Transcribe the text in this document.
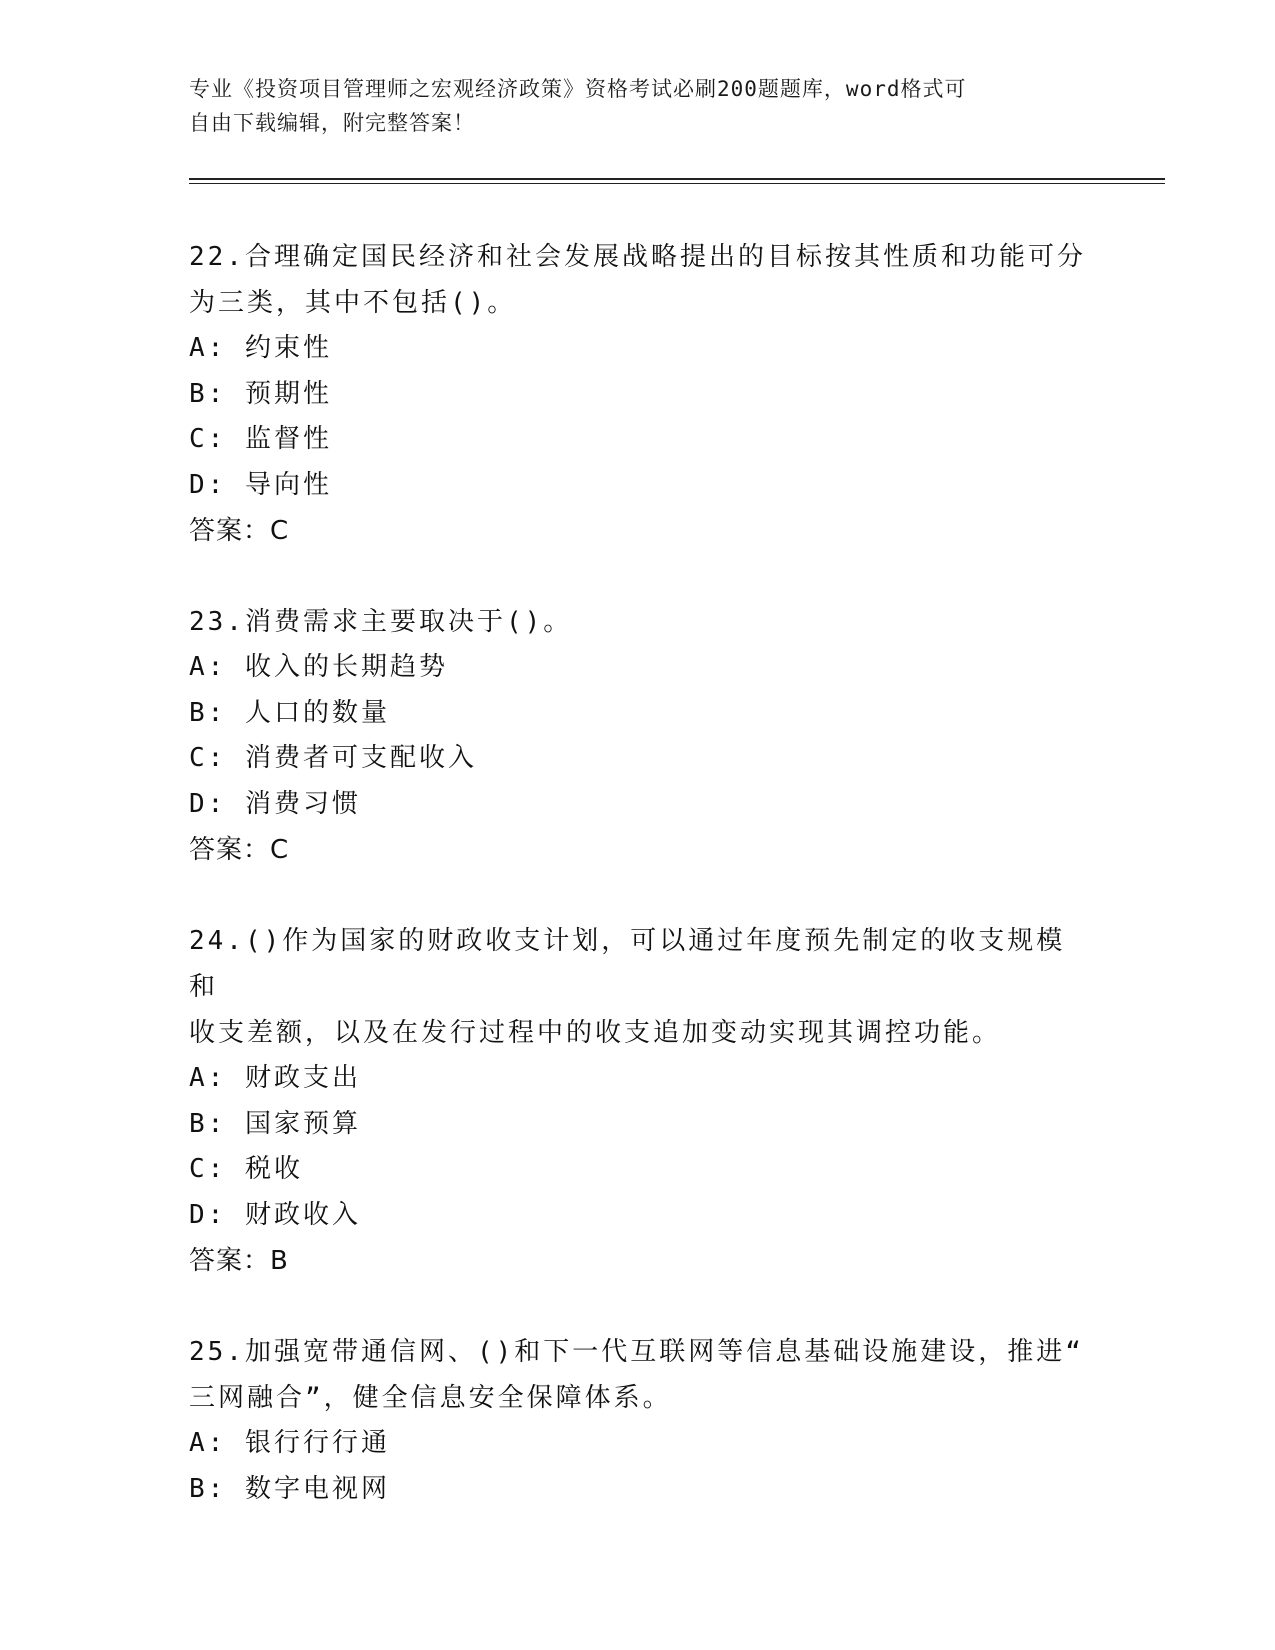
专业《投资项目管理师之宏观经济政策》资格考试必刷200题题库，word格式可
自由下载编辑，附完整答案！
22.合理确定国民经济和社会发展战略提出的目标按其性质和功能可分
为三类，其中不包括()。
A: 约束性
B: 预期性
C: 监督性
D: 导向性
答案：C
23.消费需求主要取决于()。
A: 收入的长期趋势
B: 人口的数量
C: 消费者可支配收入
D: 消费习惯
答案：C
24.()作为国家的财政收支计划，可以通过年度预先制定的收支规模和
收支差额，以及在发行过程中的收支追加变动实现其调控功能。
A: 财政支出
B: 国家预算
C: 税收
D: 财政收入
答案：B
25.加强宽带通信网、()和下一代互联网等信息基础设施建设，推进“
三网融合”，健全信息安全保障体系。
A: 银行行行通
B: 数字电视网
